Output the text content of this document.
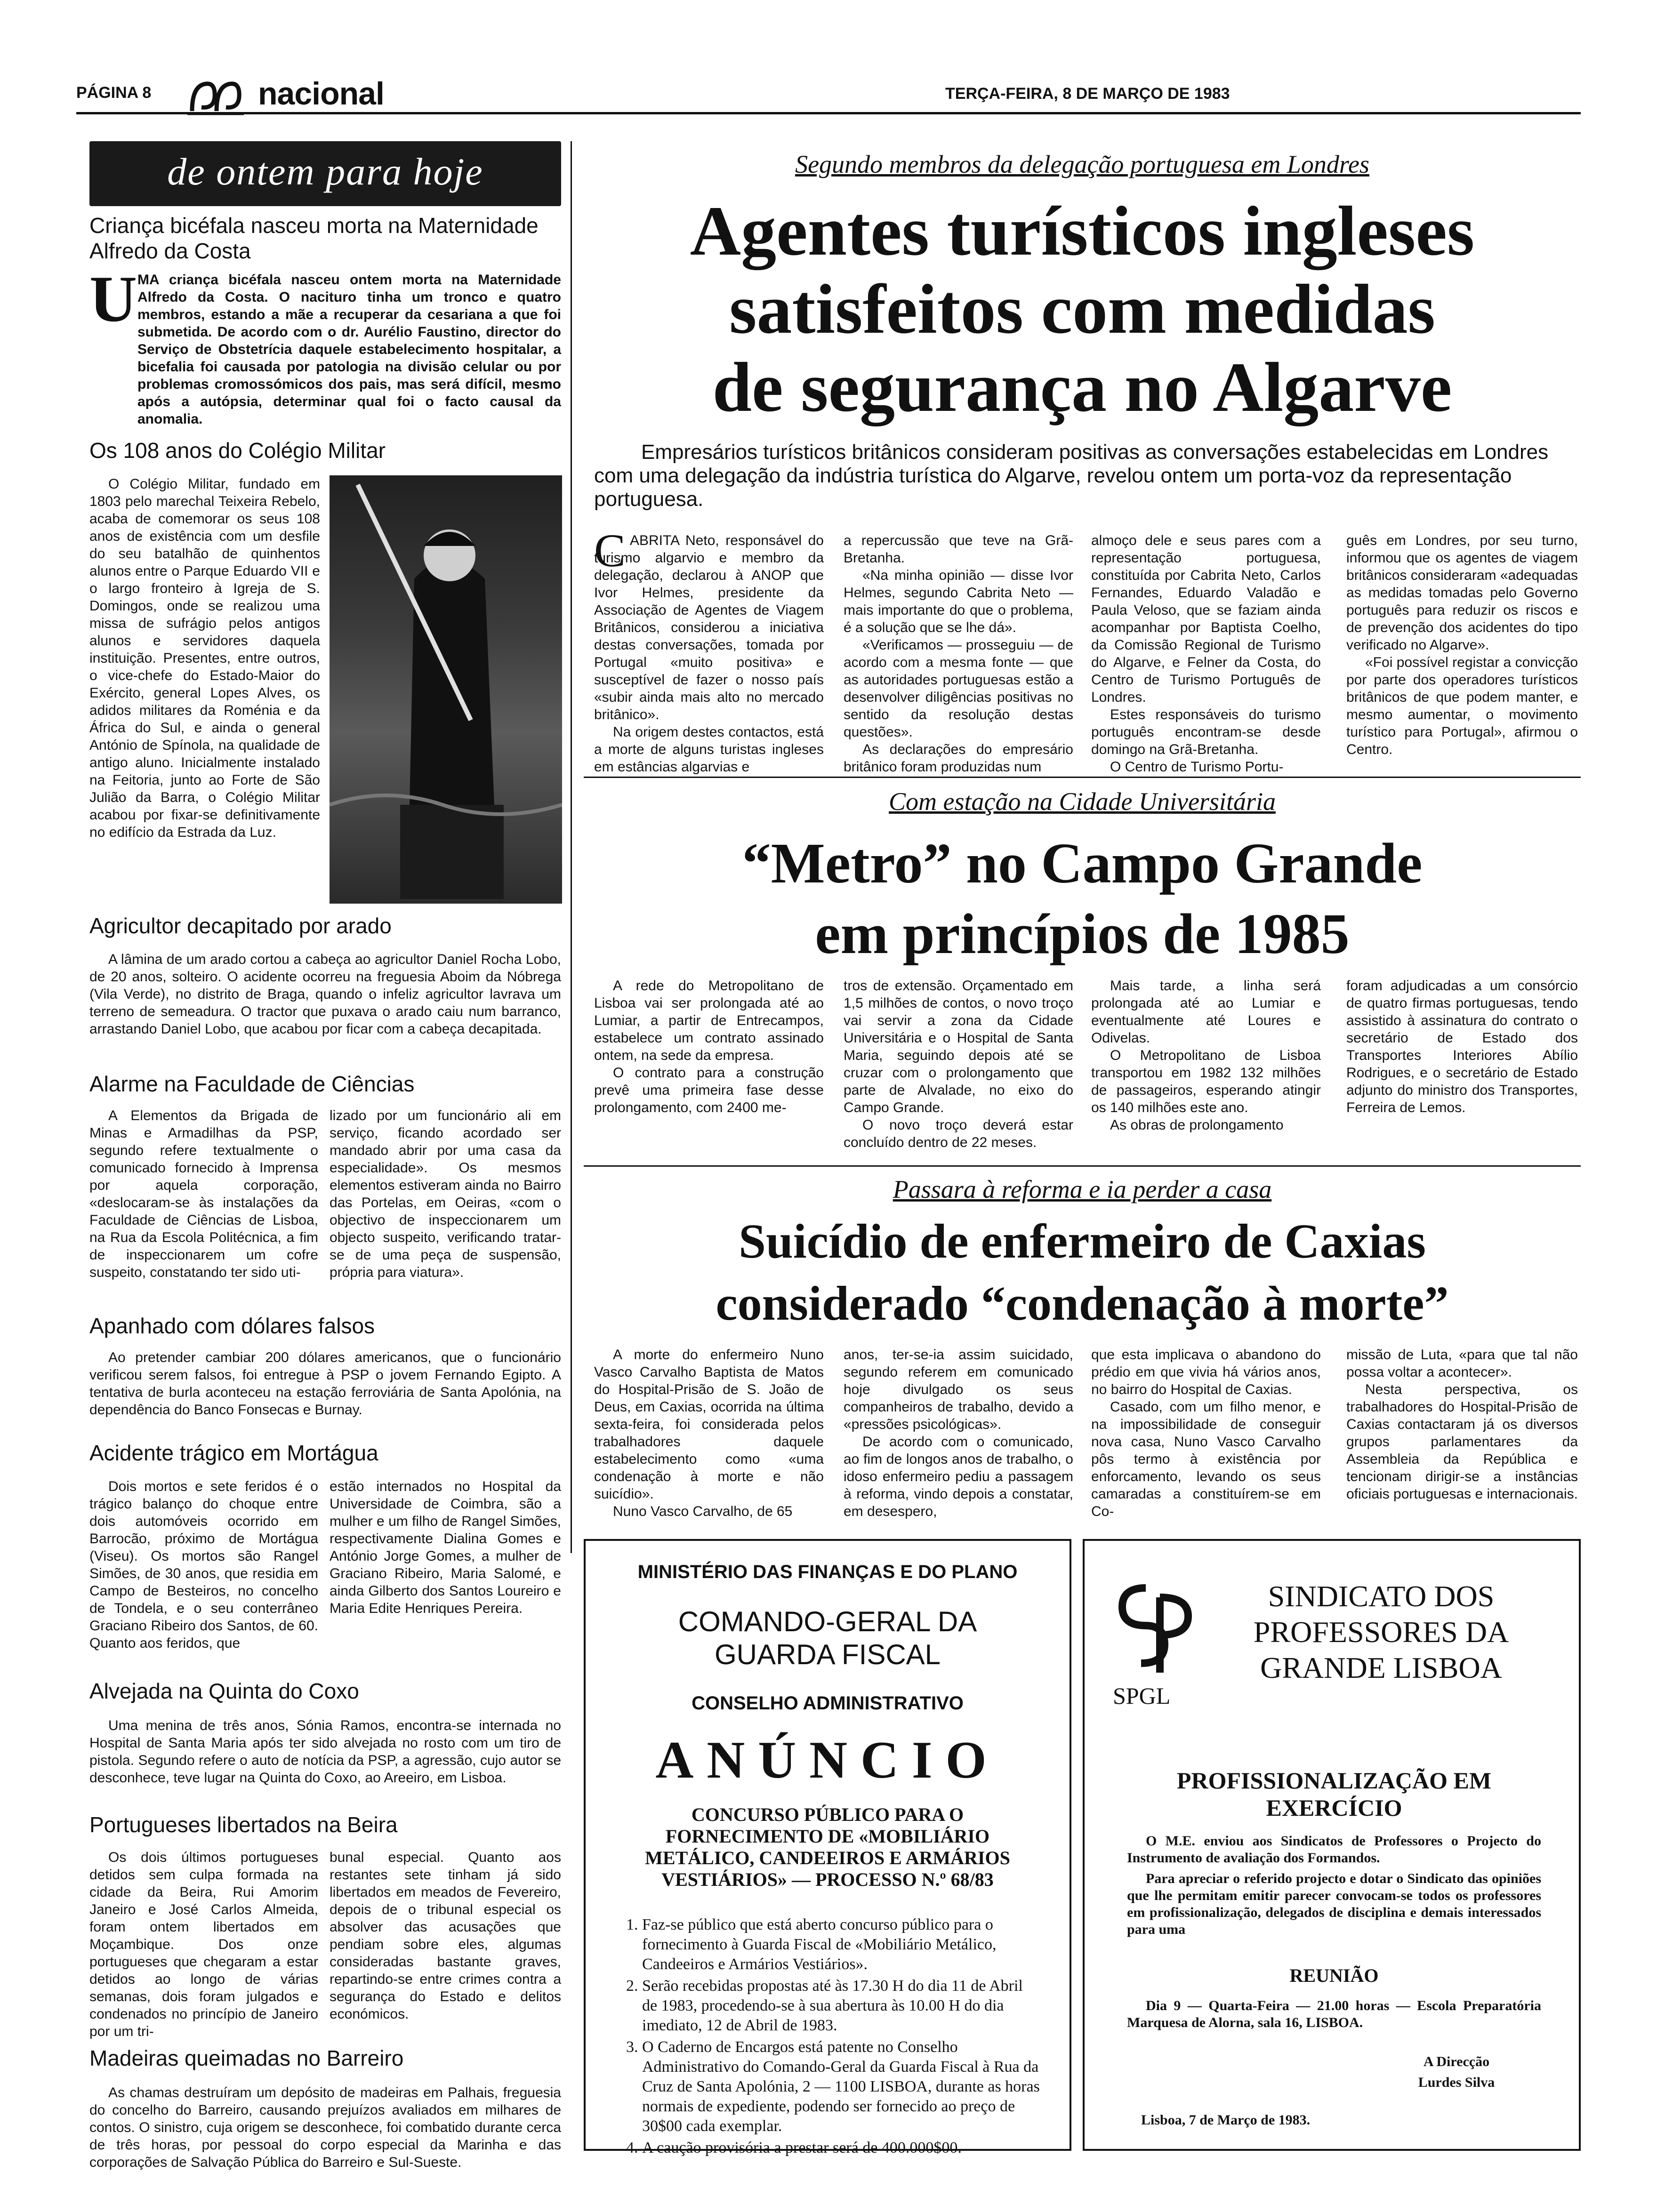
PÁGINA 8	nacional	TERÇA-FEIRA, 8 DE MARÇO DE 1983
de ontem para hoje
Criança bicéfala nasceu morta na Maternidade Alfredo da Costa
U MA criança bicéfala nasceu ontem morta na Maternidade Alfredo da Costa. O nacituro tinha um tronco e quatro membros, estando a mãe a recuperar da cesariana a que foi submetida. De acordo com o dr. Aurélio Faustino, director do Serviço de Obstetrícia daquele estabelecimento hospitalar, a bicefalia foi causada por patologia na divisão celular ou por problemas cromossómicos dos pais, mas será difícil, mesmo após a autópsia, determinar qual foi o facto causal da anomalia.
Os 108 anos do Colégio Militar
O Colégio Militar, fundado em 1803 pelo marechal Teixeira Rebelo, acaba de comemorar os seus 108 anos de existência com um desfile do seu batalhão de quinhentos alunos entre o Parque Eduardo VII e o largo fronteiro à Igreja de S. Domingos, onde se realizou uma missa de sufrágio pelos antigos alunos e servidores daquela instituição. Presentes, entre outros, o vice-chefe do Estado-Maior do Exército, general Lopes Alves, os adidos militares da Roménia e da África do Sul, e ainda o general António de Spínola, na qualidade de antigo aluno. Inicialmente instalado na Feitoria, junto ao Forte de São Julião da Barra, o Colégio Militar acabou por fixar-se definitivamente no edifício da Estrada da Luz.
Agricultor decapitado por arado
A lâmina de um arado cortou a cabeça ao agricultor Daniel Rocha Lobo, de 20 anos, solteiro. O acidente ocorreu na freguesia Aboim da Nóbrega (Vila Verde), no distrito de Braga, quando o infeliz agricultor lavrava um terreno de semeadura. O tractor que puxava o arado caiu num barranco, arrastando Daniel Lobo, que acabou por ficar com a cabeça decapitada.
Alarme na Faculdade de Ciências
A Elementos da Brigada de Minas e Armadilhas da PSP, segundo refere textualmente o comunicado fornecido à Imprensa por aquela corporação, «deslocaram-se às instalações da Faculdade de Ciências de Lisboa, na Rua da Escola Politécnica, a fim de inspeccionarem um cofre suspeito, constatando ter sido uti-
lizado por um funcionário ali em serviço, ficando acordado ser mandado abrir por uma casa da especialidade». Os mesmos elementos estiveram ainda no Bairro das Portelas, em Oeiras, «com o objectivo de inspeccionarem um objecto suspeito, verificando tratar-se de uma peça de suspensão, própria para viatura».
Apanhado com dólares falsos
Ao pretender cambiar 200 dólares americanos, que o funcionário verificou serem falsos, foi entregue à PSP o jovem Fernando Egipto. A tentativa de burla aconteceu na estação ferroviária de Santa Apolónia, na dependência do Banco Fonsecas e Burnay.
Acidente trágico em Mortágua
Dois mortos e sete feridos é o trágico balanço do choque entre dois automóveis ocorrido em Barrocão, próximo de Mortágua (Viseu). Os mortos são Rangel Simões, de 30 anos, que residia em Campo de Besteiros, no concelho de Tondela, e o seu conterrâneo Graciano Ribeiro dos Santos, de 60. Quanto aos feridos, que
estão internados no Hospital da Universidade de Coimbra, são a mulher e um filho de Rangel Simões, respectivamente Dialina Gomes e António Jorge Gomes, a mulher de Graciano Ribeiro, Maria Salomé, e ainda Gilberto dos Santos Loureiro e Maria Edite Henriques Pereira.
Alvejada na Quinta do Coxo
Uma menina de três anos, Sónia Ramos, encontra-se internada no Hospital de Santa Maria após ter sido alvejada no rosto com um tiro de pistola. Segundo refere o auto de notícia da PSP, a agressão, cujo autor se desconhece, teve lugar na Quinta do Coxo, ao Areeiro, em Lisboa.
Portugueses libertados na Beira
Os dois últimos portugueses detidos sem culpa formada na cidade da Beira, Rui Amorim Janeiro e José Carlos Almeida, foram ontem libertados em Moçambique. Dos onze portugueses que chegaram a estar detidos ao longo de várias semanas, dois foram julgados e condenados no princípio de Janeiro por um tri-
bunal especial. Quanto aos restantes sete tinham já sido libertados em meados de Fevereiro, depois de o tribunal especial os absolver das acusações que pendiam sobre eles, algumas consideradas bastante graves, repartindo-se entre crimes contra a segurança do Estado e delitos económicos.
Madeiras queimadas no Barreiro
As chamas destruíram um depósito de madeiras em Palhais, freguesia do concelho do Barreiro, causando prejuízos avaliados em milhares de contos. O sinistro, cuja origem se desconhece, foi combatido durante cerca de três horas, por pessoal do corpo especial da Marinha e das corporações de Salvação Pública do Barreiro e Sul-Sueste.
Segundo membros da delegação portuguesa em Londres
Agentes turísticos ingleses
satisfeitos com medidas
de segurança no Algarve
Empresários turísticos britânicos consideram positivas as conversações estabelecidas em Londres com uma delegação da indústria turística do Algarve, revelou ontem um porta-voz da representação portuguesa.
C ABRITA Neto, responsável do turismo algarvio e membro da delegação, declarou à ANOP que Ivor Helmes, presidente da Associação de Agentes de Viagem Britânicos, considerou a iniciativa destas conversações, tomada por Portugal «muito positiva» e susceptível de fazer o nosso país «subir ainda mais alto no mercado britânico».

Na origem destes contactos, está a morte de alguns turistas ingleses em estâncias algarvias e

a repercussão que teve na Grã-Bretanha.

«Na minha opinião — disse Ivor Helmes, segundo Cabrita Neto — mais importante do que o problema, é a solução que se lhe dá».

«Verificamos — prosseguiu — de acordo com a mesma fonte — que as autoridades portuguesas estão a desenvolver diligências positivas no sentido da resolução destas questões».

As declarações do empresário britânico foram produzidas num

almoço dele e seus pares com a representação portuguesa, constituída por Cabrita Neto, Carlos Fernandes, Eduardo Valadão e Paula Veloso, que se faziam ainda acompanhar por Baptista Coelho, da Comissão Regional de Turismo do Algarve, e Felner da Costa, do Centro de Turismo Português de Londres.

Estes responsáveis do turismo português encontram-se desde domingo na Grã-Bretanha.

O Centro de Turismo Portu-

guês em Londres, por seu turno, informou que os agentes de viagem britânicos consideraram «adequadas as medidas tomadas pelo Governo português para reduzir os riscos e de prevenção dos acidentes do tipo verificado no Algarve».

«Foi possível registar a convicção por parte dos operadores turísticos britânicos de que podem manter, e mesmo aumentar, o movimento turístico para Portugal», afirmou o Centro.

Com estação na Cidade Universitária
“Metro” no Campo Grande
em princípios de 1985

A rede do Metropolitano de Lisboa vai ser prolongada até ao Lumiar, a partir de Entrecampos, estabelece um contrato assinado ontem, na sede da empresa.

O contrato para a construção prevê uma primeira fase desse prolongamento, com 2400 me-

tros de extensão. Orçamentado em 1,5 milhões de contos, o novo troço vai servir a zona da Cidade Universitária e o Hospital de Santa Maria, seguindo depois até se cruzar com o prolongamento que parte de Alvalade, no eixo do Campo Grande.

O novo troço deverá estar concluído dentro de 22 meses.

Mais tarde, a linha será prolongada até ao Lumiar e eventualmente até Loures e Odivelas.

O Metropolitano de Lisboa transportou em 1982 132 milhões de passageiros, esperando atingir os 140 milhões este ano.

As obras de prolongamento

foram adjudicadas a um consórcio de quatro firmas portuguesas, tendo assistido à assinatura do contrato o secretário de Estado dos Transportes Interiores Abílio Rodrigues, e o secretário de Estado adjunto do ministro dos Transportes, Ferreira de Lemos.
Passara à reforma e ia perder a casa
Suicídio de enfermeiro de Caxias
considerado “condenação à morte”

A morte do enfermeiro Nuno Vasco Carvalho Baptista de Matos do Hospital-Prisão de S. João de Deus, em Caxias, ocorrida na última sexta-feira, foi considerada pelos trabalhadores daquele estabelecimento como «uma condenação à morte e não suicídio».

Nuno Vasco Carvalho, de 65

anos, ter-se-ia assim suicidado, segundo referem em comunicado hoje divulgado os seus companheiros de trabalho, devido a «pressões psicológicas».

De acordo com o comunicado, ao fim de longos anos de trabalho, o idoso enfermeiro pediu a passagem à reforma, vindo depois a constatar, em desespero,

que esta implicava o abandono do prédio em que vivia há vários anos, no bairro do Hospital de Caxias.

Casado, com um filho menor, e na impossibilidade de conseguir nova casa, Nuno Vasco Carvalho pôs termo à existência por enforcamento, levando os seus camaradas a constituírem-se em Co-

missão de Luta, «para que tal não possa voltar a acontecer».

Nesta perspectiva, os trabalhadores do Hospital-Prisão de Caxias contactaram já os diversos grupos parlamentares da Assembleia da República e tencionam dirigir-se a instâncias oficiais portuguesas e internacionais.

MINISTÉRIO DAS FINANÇAS E DO PLANO
COMANDO-GERAL DA GUARDA FISCAL
CONSELHO ADMINISTRATIVO
ANÚNCIO
CONCURSO PÚBLICO PARA O FORNECIMENTO DE «MOBILIÁRIO METÁLICO, CANDEEIROS E ARMÁRIOS VESTIÁRIOS» — PROCESSO N.º 68/83
1. Faz-se público que está aberto concurso público para o fornecimento à Guarda Fiscal de «Mobiliário Metálico, Candeeiros e Armários Vestiários».
2. Serão recebidas propostas até às 17.30 H do dia 11 de Abril de 1983, procedendo-se à sua abertura às 10.00 H do dia imediato, 12 de Abril de 1983.
3. O Caderno de Encargos está patente no Conselho Administrativo do Comando-Geral da Guarda Fiscal à Rua da Cruz de Santa Apolónia, 2 — 1100 LISBOA, durante as horas normais de expediente, podendo ser fornecido ao preço de 30$00 cada exemplar.
4. A caução provisória a prestar será de 400.000$00.
SPGL
SINDICATO DOS PROFESSORES DA GRANDE LISBOA
PROFISSIONALIZAÇÃO EM EXERCÍCIO
O M.E. enviou aos Sindicatos de Professores o Projecto do Instrumento de avaliação dos Formandos.
Para apreciar o referido projecto e dotar o Sindicato das opiniões que lhe permitam emitir parecer convocam-se todos os professores em profissionalização, delegados de disciplina e demais interessados para uma
REUNIÃO
Dia 9 — Quarta-Feira — 21.00 horas — Escola Preparatória Marquesa de Alorna, sala 16, LISBOA.
A Direcção
Lurdes Silva
Lisboa, 7 de Março de 1983.
